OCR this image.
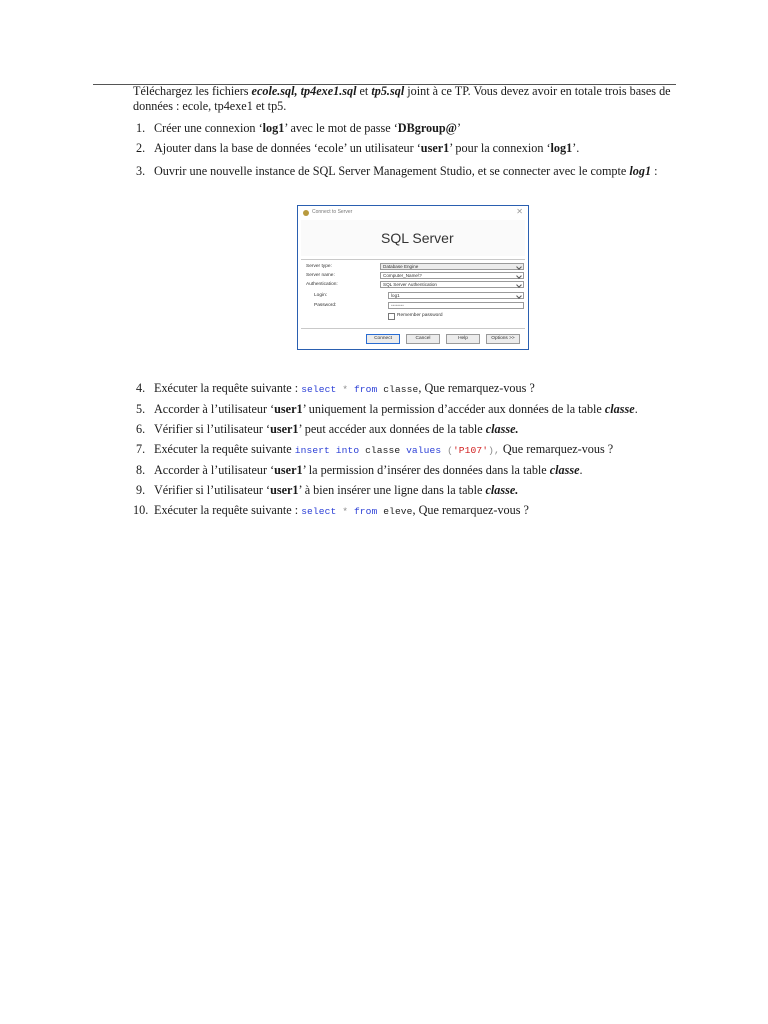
Téléchargez les fichiers ecole.sql, tp4exe1.sql et tp5.sql joint à ce TP. Vous devez avoir en totale trois bases de données : ecole, tp4exe1 et tp5.
1. Créer une connexion ‘log1’ avec le mot de passe ‘DBgroup@’
2. Ajouter dans la base de données ‘ecole’ un utilisateur ‘user1’ pour la connexion ‘log1’.
3. Ouvrir une nouvelle instance de SQL Server Management Studio, et se connecter avec le compte log1 :
4. Exécuter la requête suivante : select * from classe, Que remarquez-vous ?
5. Accorder à l’utilisateur ‘user1’ uniquement la permission d’accéder aux données de la table classe.
6. Vérifier si l’utilisateur ‘user1’ peut accéder aux données de la table classe.
7. Exécuter la requête suivante insert into classe values ('P107'), Que remarquez-vous ?
8. Accorder à l’utilisateur ‘user1’ la permission d’insérer des données dans la table classe.
9. Vérifier si l’utilisateur ‘user1’ à bien insérer une ligne dans la table classe.
10. Exécuter la requête suivante : select * from eleve, Que remarquez-vous ?
Connect to Server	✕
SQL Server
Server type:	Database Engine
Server name:	Computer_Name\?
Authentication:	SQL Server Authentication
Login:	log1
Password:	••••••••
Remember password
Connect	Cancel	Help	Options >>
